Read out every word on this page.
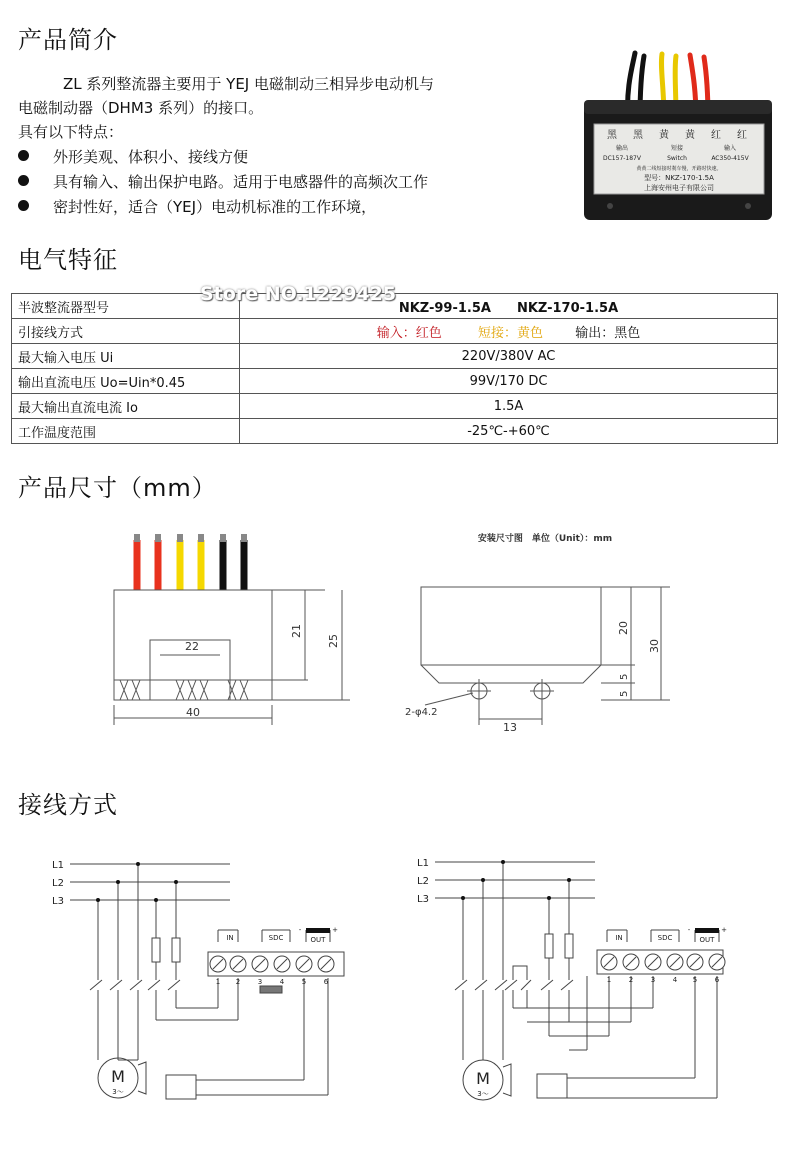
产品简介
ZL 系列整流器主要用于 YEJ 电磁制动三相异步电动机与
电磁制动器（DHM3 系列）的接口。
具有以下特点：
外形美观、体积小、接线方便
具有输入、输出保护电路。适用于电感器件的高频次工作
密封性好，适合（YEJ）电动机标准的工作环境，
黑 黑 黄 黄 红 红
输出	短接	输入
DC157-187V	Switch	AC350-415V
黄黄二线短接时刹车慢，开路时快速。
型号：NKZ-170-1.5A
上海安州电子有限公司
电气特征
半波整流器型号	NKZ-99-1.5A　　NKZ-170-1.5A
引接线方式	输入：红色 短接：黄色 输出：黑色
最大输入电压 Ui	220V/380V AC
输出直流电压 Uo=Uin*0.45	99V/170 DC
最大输出直流电流 Io	1.5A
工作温度范围	-25℃-+60℃
Store NO.1229425
产品尺寸（mm）
22
40
21
25
安装尺寸图　单位（Unit）：mm
2-φ4.2
13
20
5
5
30
接线方式
L1
L2
L3
IN	SDC	OUT
-	+
1 2	3	4	5	6
M
3～
L1
L2
L3
IN	SDC	OUT
-	+
1	2	3	4 5	6
M
3～
